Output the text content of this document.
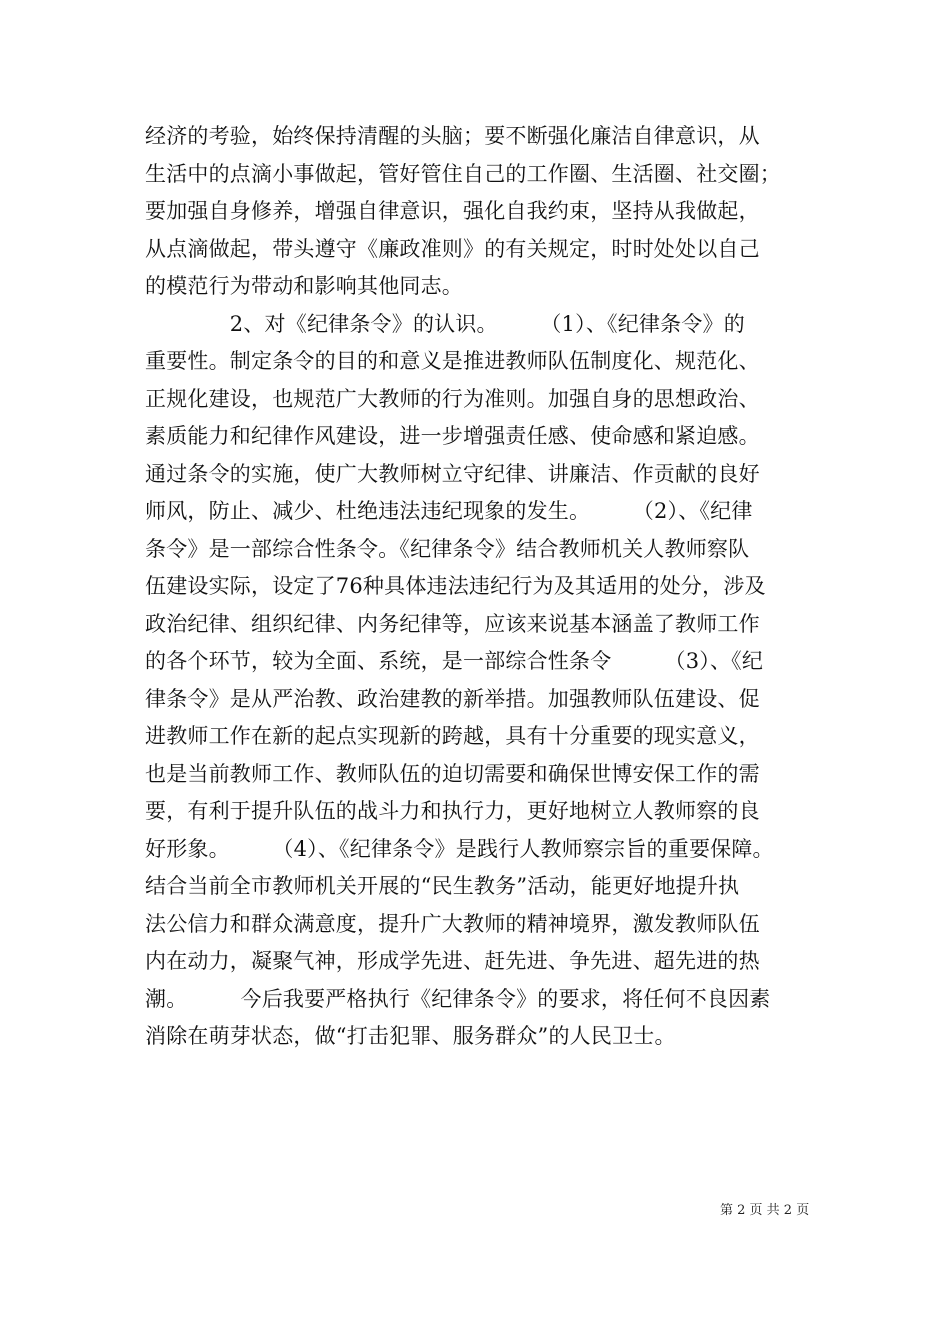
经济的考验，始终保持清醒的头脑；要不断强化廉洁自律意识，从
生活中的点滴小事做起，管好管住自己的工作圈、生活圈、社交圈；
要加强自身修养，增强自律意识，强化自我约束，坚持从我做起，
从点滴做起，带头遵守《廉政准则》的有关规定，时时处处以自己
的模范行为带动和影响其他同志。
　　　　2、对《纪律条令》的认识。　　　（1）、《纪律条令》的
重要性。制定条令的目的和意义是推进教师队伍制度化、规范化、
正规化建设，也规范广大教师的行为准则。加强自身的思想政治、
素质能力和纪律作风建设，进一步增强责任感、使命感和紧迫感。
通过条令的实施，使广大教师树立守纪律、讲廉洁、作贡献的良好
师风，防止、减少、杜绝违法违纪现象的发生。　　　（2）、《纪律
条令》是一部综合性条令。《纪律条令》结合教师机关人教师察队
伍建设实际，设定了76种具体违法违纪行为及其适用的处分，涉及
政治纪律、组织纪律、内务纪律等，应该来说基本涵盖了教师工作
的各个环节，较为全面、系统，是一部综合性条令　　　（3）、《纪
律条令》是从严治教、政治建教的新举措。加强教师队伍建设、促
进教师工作在新的起点实现新的跨越，具有十分重要的现实意义，
也是当前教师工作、教师队伍的迫切需要和确保世博安保工作的需
要，有利于提升队伍的战斗力和执行力，更好地树立人教师察的良
好形象。　　　（4）、《纪律条令》是践行人教师察宗旨的重要保障。
结合当前全市教师机关开展的“民生教务”活动，能更好地提升执
法公信力和群众满意度，提升广大教师的精神境界，激发教师队伍
内在动力，凝聚气神，形成学先进、赶先进、争先进、超先进的热
潮。　　　今后我要严格执行《纪律条令》的要求，将任何不良因素
消除在萌芽状态，做“打击犯罪、服务群众”的人民卫士。
第 2 页 共 2 页
